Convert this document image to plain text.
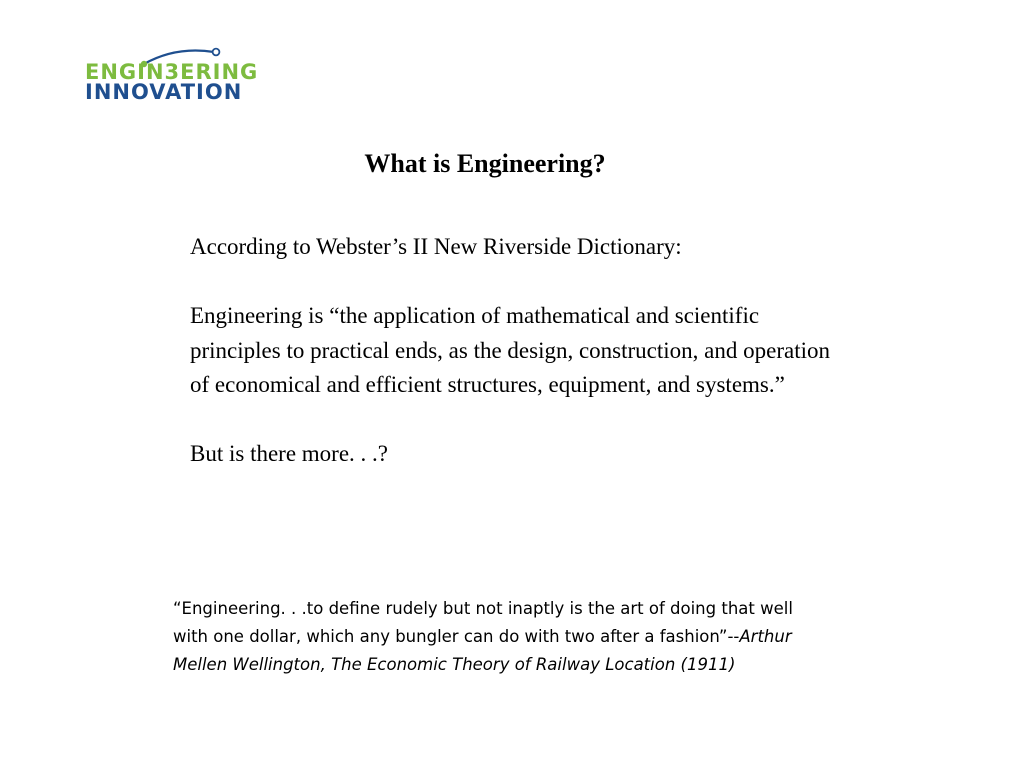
ENGIN3ERING
INNOVATION
What is Engineering?

According to Webster’s II New Riverside Dictionary:

Engineering is “the application of mathematical and scientific principles to practical ends, as the design, construction, and operation of economical and efficient structures, equipment, and systems.”

But is there more. . .?

“Engineering. . .to define rudely but not inaptly is the art of doing that well with one dollar, which any bungler can do with two after a fashion”--Arthur Mellen Wellington, The Economic Theory of Railway Location (1911)
